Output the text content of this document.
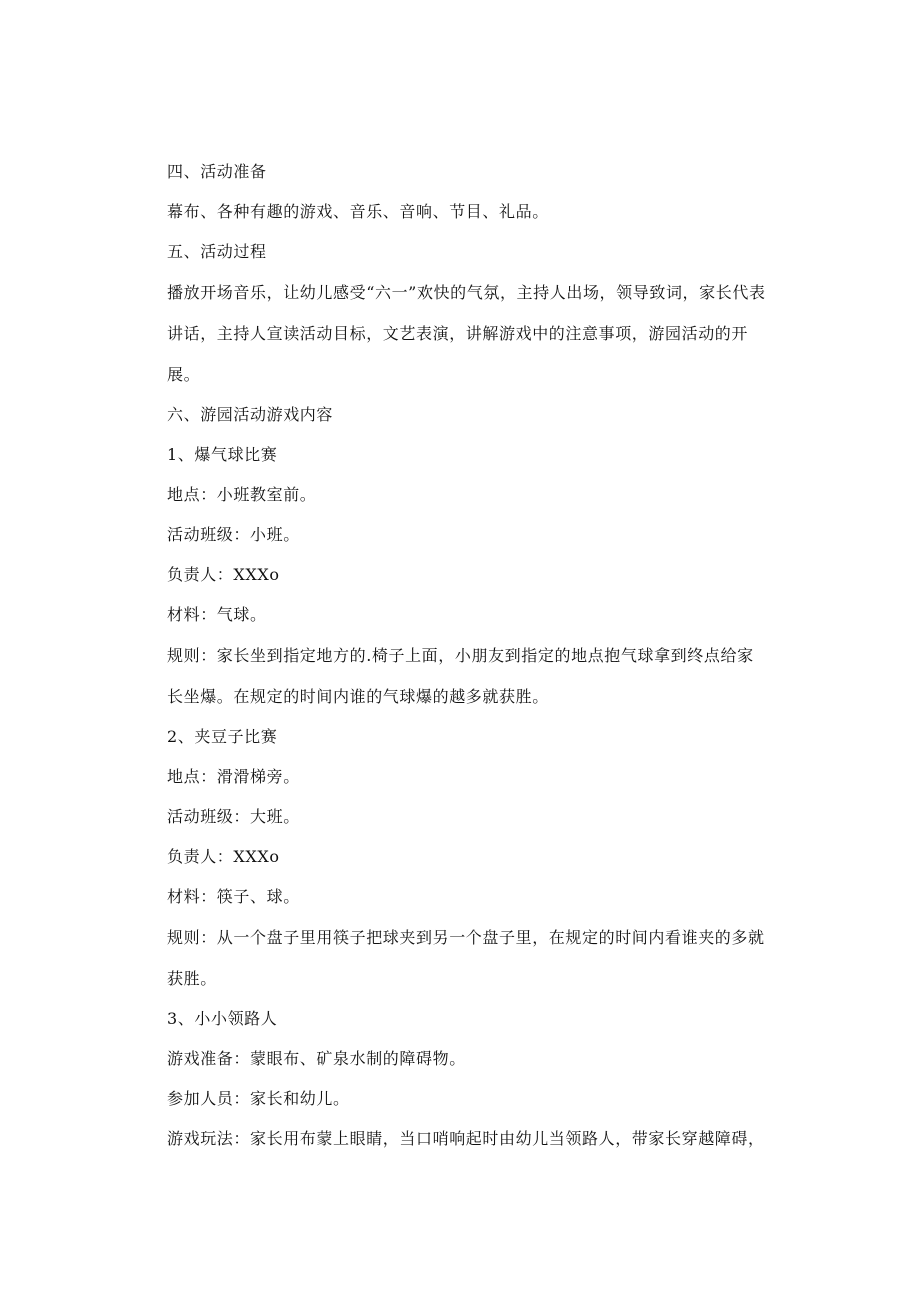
四、活动准备

幕布、各种有趣的游戏、音乐、音响、节目、礼品。

五、活动过程

播放开场音乐，让幼儿感受“六一”欢快的气氛，主持人出场，领导致词，家长代表讲话，主持人宣读活动目标，文艺表演，讲解游戏中的注意事项，游园活动的开展。

六、游园活动游戏内容

1、爆气球比赛

地点：小班教室前。

活动班级：小班。

负责人：XXXo

材料：气球。

规则：家长坐到指定地方的.椅子上面，小朋友到指定的地点抱气球拿到终点给家长坐爆。在规定的时间内谁的气球爆的越多就获胜。

2、夹豆子比赛

地点：滑滑梯旁。

活动班级：大班。

负责人：XXXo

材料：筷子、球。

规则：从一个盘子里用筷子把球夹到另一个盘子里，在规定的时间内看谁夹的多就获胜。

3、小小领路人

游戏准备：蒙眼布、矿泉水制的障碍物。

参加人员：家长和幼儿。

游戏玩法：家长用布蒙上眼睛，当口哨响起时由幼儿当领路人，带家长穿越障碍，
